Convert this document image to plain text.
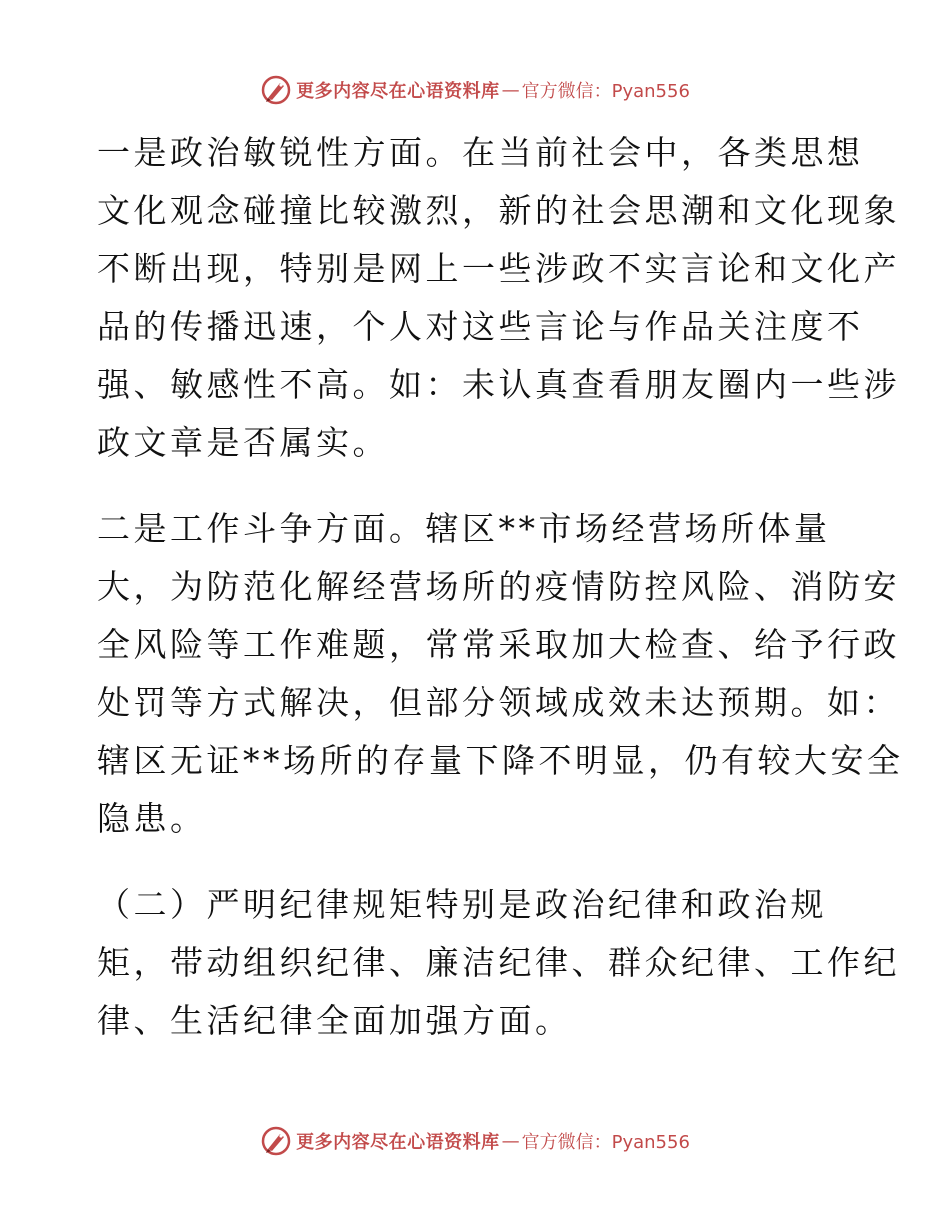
更多内容尽在心语资料库 — 官方微信：Pyan556
一是政治敏锐性方面。在当前社会中，各类思想
文化观念碰撞比较激烈，新的社会思潮和文化现象
不断出现，特别是网上一些涉政不实言论和文化产
品的传播迅速，个人对这些言论与作品关注度不
强、敏感性不高。如：未认真查看朋友圈内一些涉
政文章是否属实。
二是工作斗争方面。辖区**市场经营场所体量
大，为防范化解经营场所的疫情防控风险、消防安
全风险等工作难题，常常采取加大检查、给予行政
处罚等方式解决，但部分领域成效未达预期。如：
辖区无证**场所的存量下降不明显，仍有较大安全
隐患。
（二）严明纪律规矩特别是政治纪律和政治规
矩，带动组织纪律、廉洁纪律、群众纪律、工作纪
律、生活纪律全面加强方面。
更多内容尽在心语资料库 — 官方微信：Pyan556
